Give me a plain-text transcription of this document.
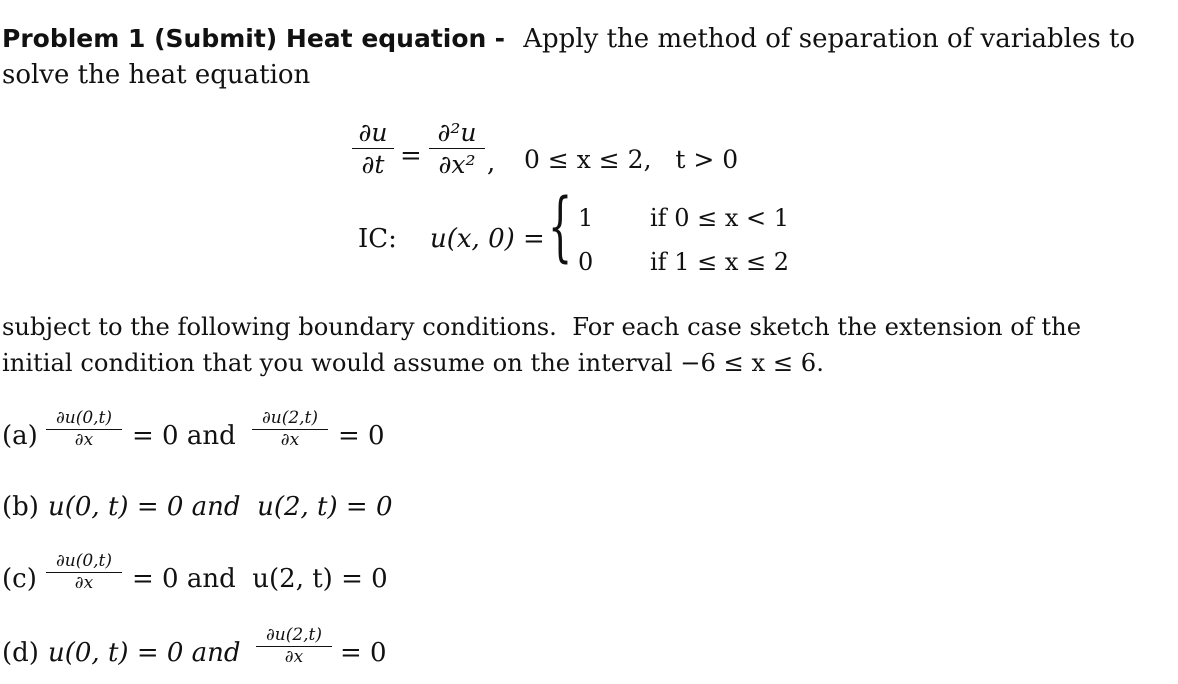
Problem 1 (Submit) Heat equation - Apply the method of separation of variables to
solve the heat equation
∂u
∂t =
∂²u
∂x² , 0 ≤ x ≤ 2,   t > 0
IC: u(x, 0) = { 1 if 0 ≤ x < 1
0 if 1 ≤ x ≤ 2
subject to the following boundary conditions.  For each case sketch the extension of the
initial condition that you would assume on the interval −6 ≤ x ≤ 6.
(a)
∂u(0,t)
∂x	= 0 and
∂u(2,t)
∂x	= 0
(b) u(0, t) = 0 and  u(2, t) = 0
(c)
∂u(0,t)
∂x	= 0 and  u(2, t) = 0
(d) u(0, t) = 0 and
∂u(2,t)
∂x	= 0
